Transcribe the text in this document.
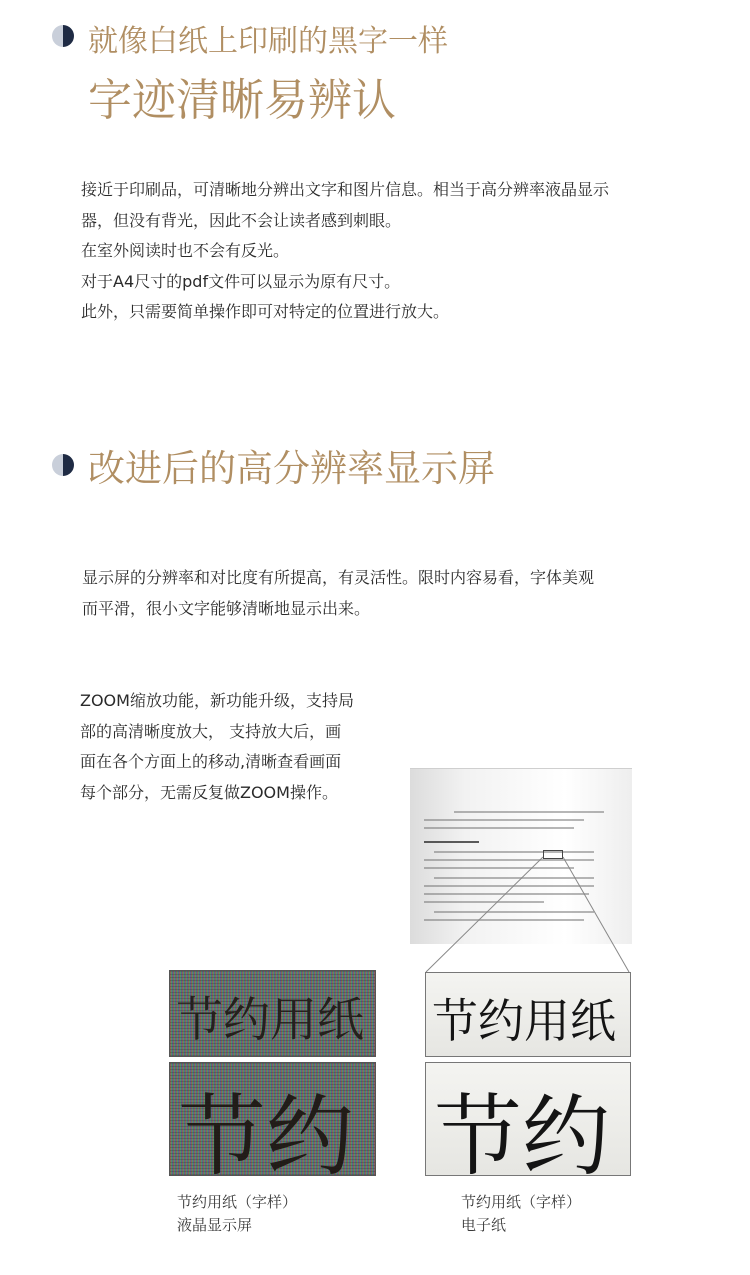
就像白纸上印刷的黑字一样
字迹清晰易辨认

接近于印刷品，可清晰地分辨出文字和图片信息。相当于高分辨率液晶显示

器，但没有背光，因此不会让读者感到刺眼。

在室外阅读时也不会有反光。

对于A4尺寸的pdf文件可以显示为原有尺寸。

此外，只需要简单操作即可对特定的位置进行放大。

改进后的高分辨率显示屏

显示屏的分辨率和对比度有所提高，有灵活性。限时内容易看，字体美观

而平滑，很小文字能够清晰地显示出来。

ZOOM缩放功能，新功能升级，支持局
部的高清晰度放大， 支持放大后，画
面在各个方面上的移动,清晰查看画面
每个部分，无需反复做ZOOM操作。
节约用纸
节约
节约用纸
节约
节约用纸（字样）
液晶显示屏
节约用纸（字样）
电子纸
